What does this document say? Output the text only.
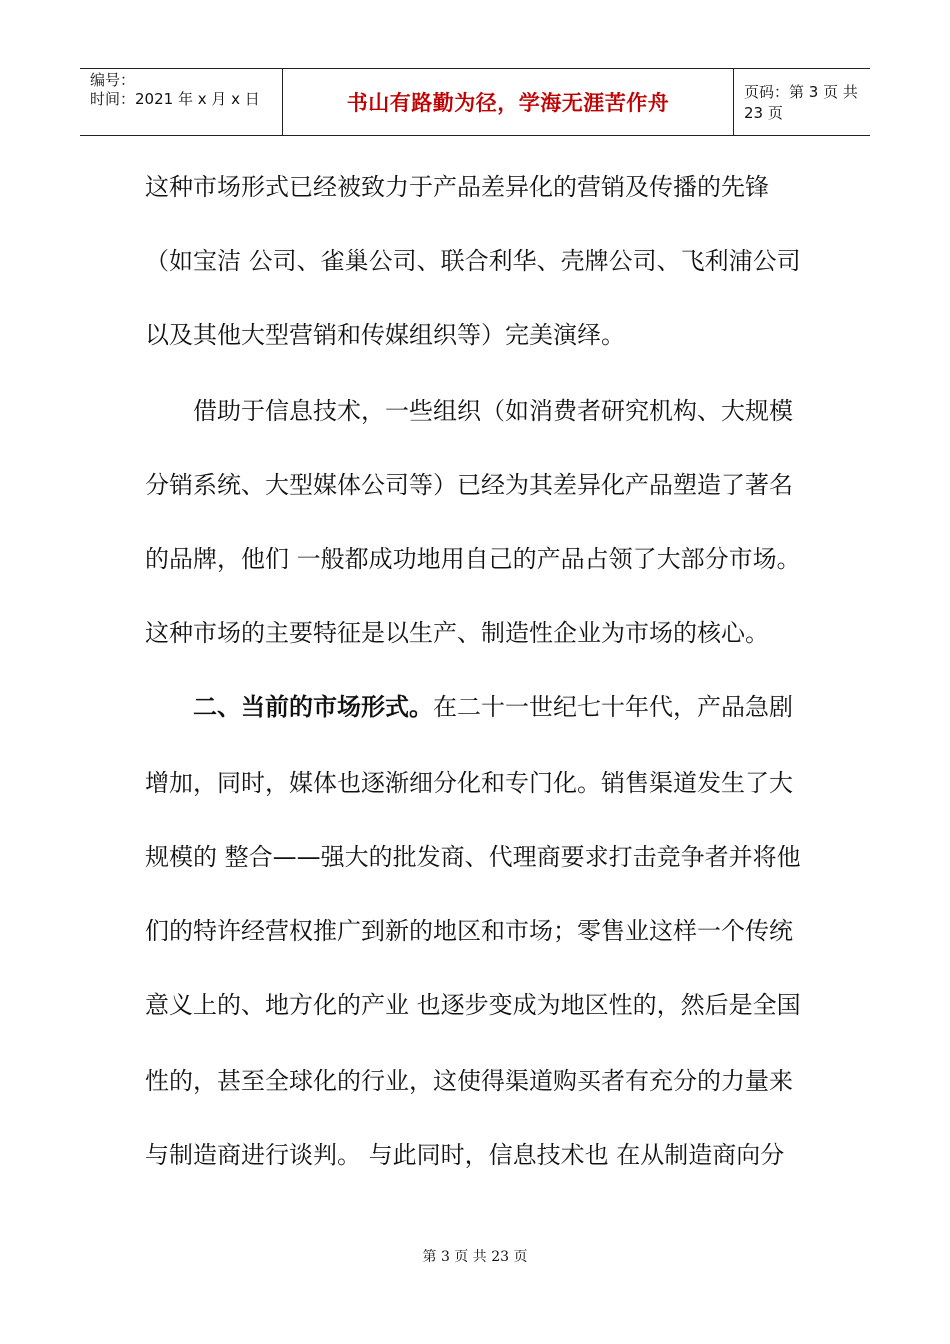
编号：
时间：2021 年 x 月 x 日	书山有路勤为径，学海无涯苦作舟	页码：第 3 页 共 23 页
这种市场形式已经被致力于产品差异化的营销及传播的先锋
（如宝洁 公司、雀巢公司、联合利华、壳牌公司、飞利浦公司
以及其他大型营销和传媒组织等）完美演绎。
借助于信息技术，一些组织（如消费者研究机构、大规模
分销系统、大型媒体公司等）已经为其差异化产品塑造了著名
的品牌，他们 一般都成功地用自己的产品占领了大部分市场。
这种市场的主要特征是以生产、制造性企业为市场的核心。
二、当前的市场形式。在二十一世纪七十年代，产品急剧
增加，同时，媒体也逐渐细分化和专门化。销售渠道发生了大
规模的 整合——强大的批发商、代理商要求打击竞争者并将他
们的特许经营权推广到新的地区和市场；零售业这样一个传统
意义上的、地方化的产业 也逐步变成为地区性的，然后是全国
性的，甚至全球化的行业，这使得渠道购买者有充分的力量来
与制造商进行谈判。 与此同时，信息技术也 在从制造商向分
第 3 页 共 23 页
